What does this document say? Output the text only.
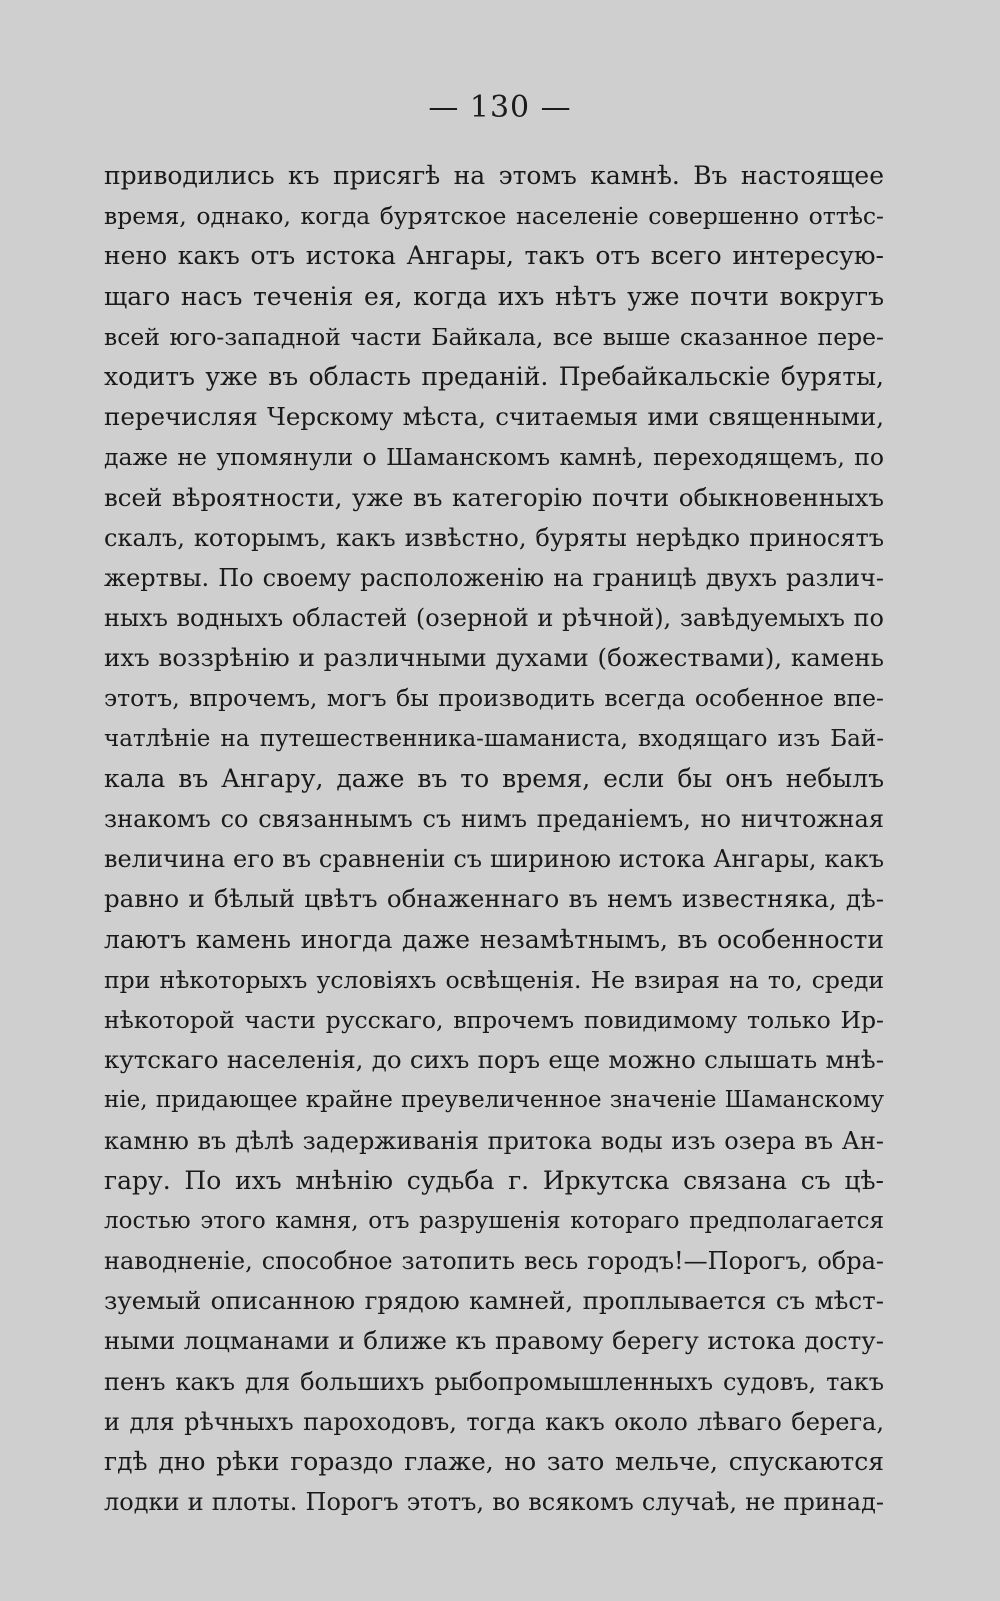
— 130 —
приводились къ присягѣ на этомъ камнѣ. Въ настоящее
время, однако, когда бурятское населеніе совершенно оттѣс-
нено какъ отъ истока Ангары, такъ отъ всего интересую-
щаго насъ теченія ея, когда ихъ нѣтъ уже почти вокругъ
всей юго-западной части Байкала, все выше сказанное пере-
ходитъ уже въ область преданій. Пребайкальскіе буряты,
перечисляя Черскому мѣста, считаемыя ими священными,
даже не упомянули о Шаманскомъ камнѣ, переходящемъ, по
всей вѣроятности, уже въ категорію почти обыкновенныхъ
скалъ, которымъ, какъ извѣстно, буряты нерѣдко приносятъ
жертвы. По своему расположенію на границѣ двухъ различ-
ныхъ водныхъ областей (озерной и рѣчной), завѣдуемыхъ по
ихъ воззрѣнію и различными духами (божествами), камень
этотъ, впрочемъ, могъ бы производить всегда особенное впе-
чатлѣніе на путешественника-шаманиста, входящаго изъ Бай-
кала въ Ангару, даже въ то время, если бы онъ небылъ
знакомъ со связаннымъ съ нимъ преданіемъ, но ничтожная
величина его въ сравненіи съ шириною истока Ангары, какъ
равно и бѣлый цвѣтъ обнаженнаго въ немъ известняка, дѣ-
лаютъ камень иногда даже незамѣтнымъ, въ особенности
при нѣкоторыхъ условіяхъ освѣщенія. Не взирая на то, среди
нѣкоторой части русскаго, впрочемъ повидимому только Ир-
кутскаго населенія, до сихъ поръ еще можно слышать мнѣ-
ніе, придающее крайне преувеличенное значеніе Шаманскому
камню въ дѣлѣ задерживанія притока воды изъ озера въ Ан-
гару. По ихъ мнѣнію судьба г. Иркутска связана съ цѣ-
лостью этого камня, отъ разрушенія котораго предполагается
наводненіе, способное затопить весь городъ!—Порогъ, обра-
зуемый описанною грядою камней, проплывается съ мѣст-
ными лоцманами и ближе къ правому берегу истока досту-
пенъ какъ для большихъ рыбопромышленныхъ судовъ, такъ
и для рѣчныхъ пароходовъ, тогда какъ около лѣваго берега,
гдѣ дно рѣки гораздо глаже, но зато мельче, спускаются
лодки и плоты. Порогъ этотъ, во всякомъ случаѣ, не принад-
